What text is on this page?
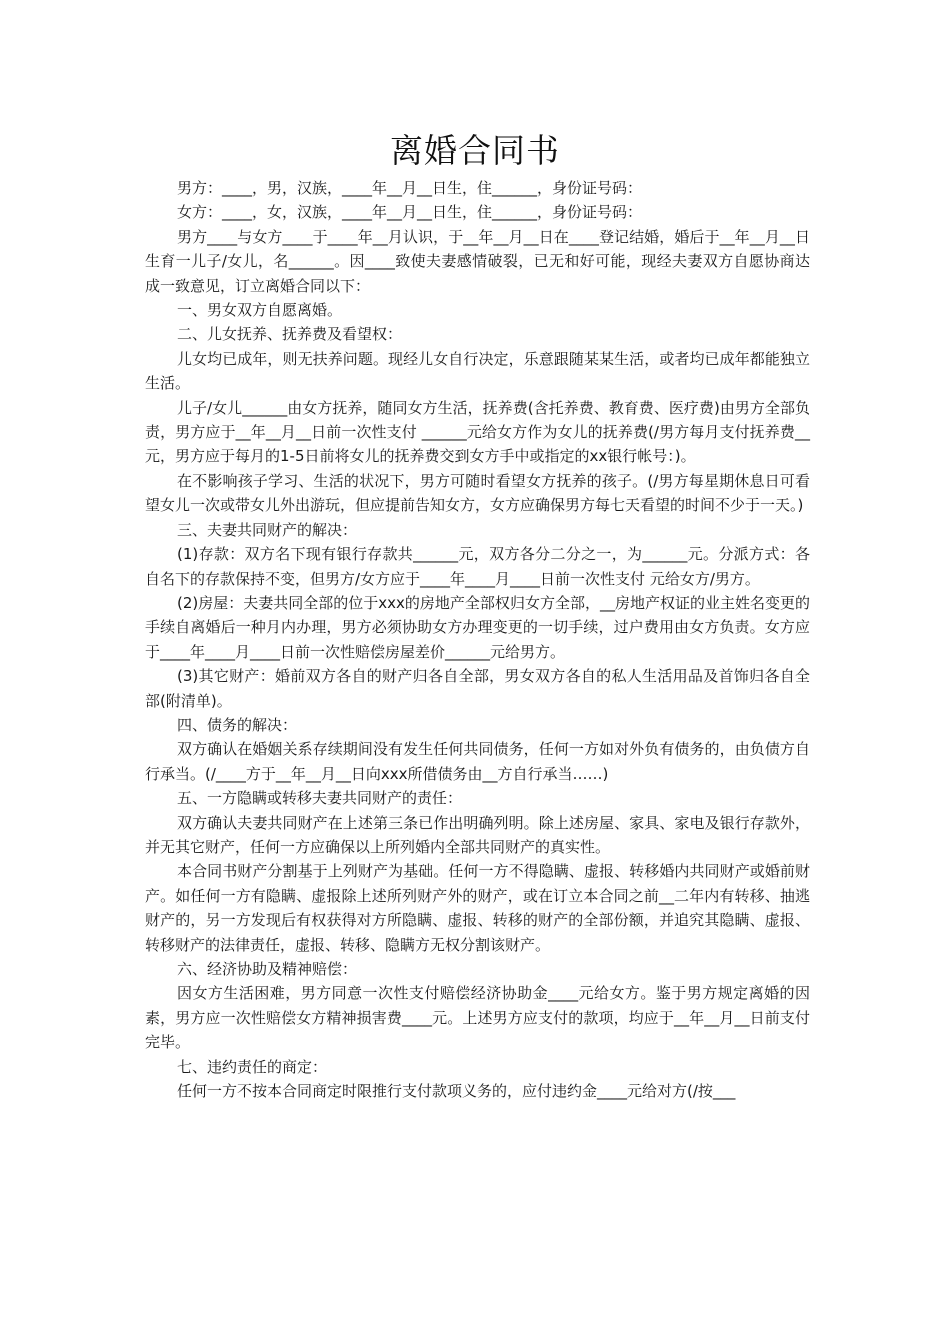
离婚合同书

男方：____，男，汉族，____年__月__日生，住______，身份证号码：

女方：____，女，汉族，____年__月__日生，住______，身份证号码：

男方____与女方____于____年__月认识，于__年__月__日在____登记结婚，婚后于__年__月__日生育一儿子/女儿，名______。因____致使夫妻感情破裂，已无和好可能，现经夫妻双方自愿协商达成一致意见，订立离婚合同以下：

一、男女双方自愿离婚。

二、儿女抚养、抚养费及看望权：

儿女均已成年，则无扶养问题。现经儿女自行决定，乐意跟随某某生活，或者均已成年都能独立生活。

儿子/女儿______由女方抚养，随同女方生活，抚养费(含托养费、教育费、医疗费)由男方全部负责，男方应于__年__月__日前一次性支付 ______元给女方作为女儿的抚养费(/男方每月支付抚养费__元，男方应于每月的1-5日前将女儿的抚养费交到女方手中或指定的xx银行帐号：)。

在不影响孩子学习、生活的状况下，男方可随时看望女方抚养的孩子。(/男方每星期休息日可看望女儿一次或带女儿外出游玩，但应提前告知女方，女方应确保男方每七天看望的时间不少于一天。)

三、夫妻共同财产的解决：

(1)存款：双方名下现有银行存款共______元，双方各分二分之一，为______元。分派方式：各自名下的存款保持不变，但男方/女方应于____年____月____日前一次性支付 元给女方/男方。

(2)房屋：夫妻共同全部的位于xxx的房地产全部权归女方全部，__房地产权证的业主姓名变更的手续自离婚后一种月内办理，男方必须协助女方办理变更的一切手续，过户费用由女方负责。女方应于____年____月____日前一次性赔偿房屋差价______元给男方。

(3)其它财产：婚前双方各自的财产归各自全部，男女双方各自的私人生活用品及首饰归各自全部(附清单)。

四、债务的解决：

双方确认在婚姻关系存续期间没有发生任何共同债务，任何一方如对外负有债务的，由负债方自行承当。(/____方于__年__月__日向xxx所借债务由__方自行承当……)

五、一方隐瞒或转移夫妻共同财产的责任：

双方确认夫妻共同财产在上述第三条已作出明确列明。除上述房屋、家具、家电及银行存款外，并无其它财产，任何一方应确保以上所列婚内全部共同财产的真实性。

本合同书财产分割基于上列财产为基础。任何一方不得隐瞒、虚报、转移婚内共同财产或婚前财产。如任何一方有隐瞒、虚报除上述所列财产外的财产，或在订立本合同之前__二年内有转移、抽逃财产的，另一方发现后有权获得对方所隐瞒、虚报、转移的财产的全部份额，并追究其隐瞒、虚报、转移财产的法律责任，虚报、转移、隐瞒方无权分割该财产。

六、经济协助及精神赔偿：

因女方生活困难，男方同意一次性支付赔偿经济协助金____元给女方。鉴于男方规定离婚的因素，男方应一次性赔偿女方精神损害费____元。上述男方应支付的款项，均应于__年__月__日前支付完毕。

七、违约责任的商定：

任何一方不按本合同商定时限推行支付款项义务的，应付违约金____元给对方(/按___
